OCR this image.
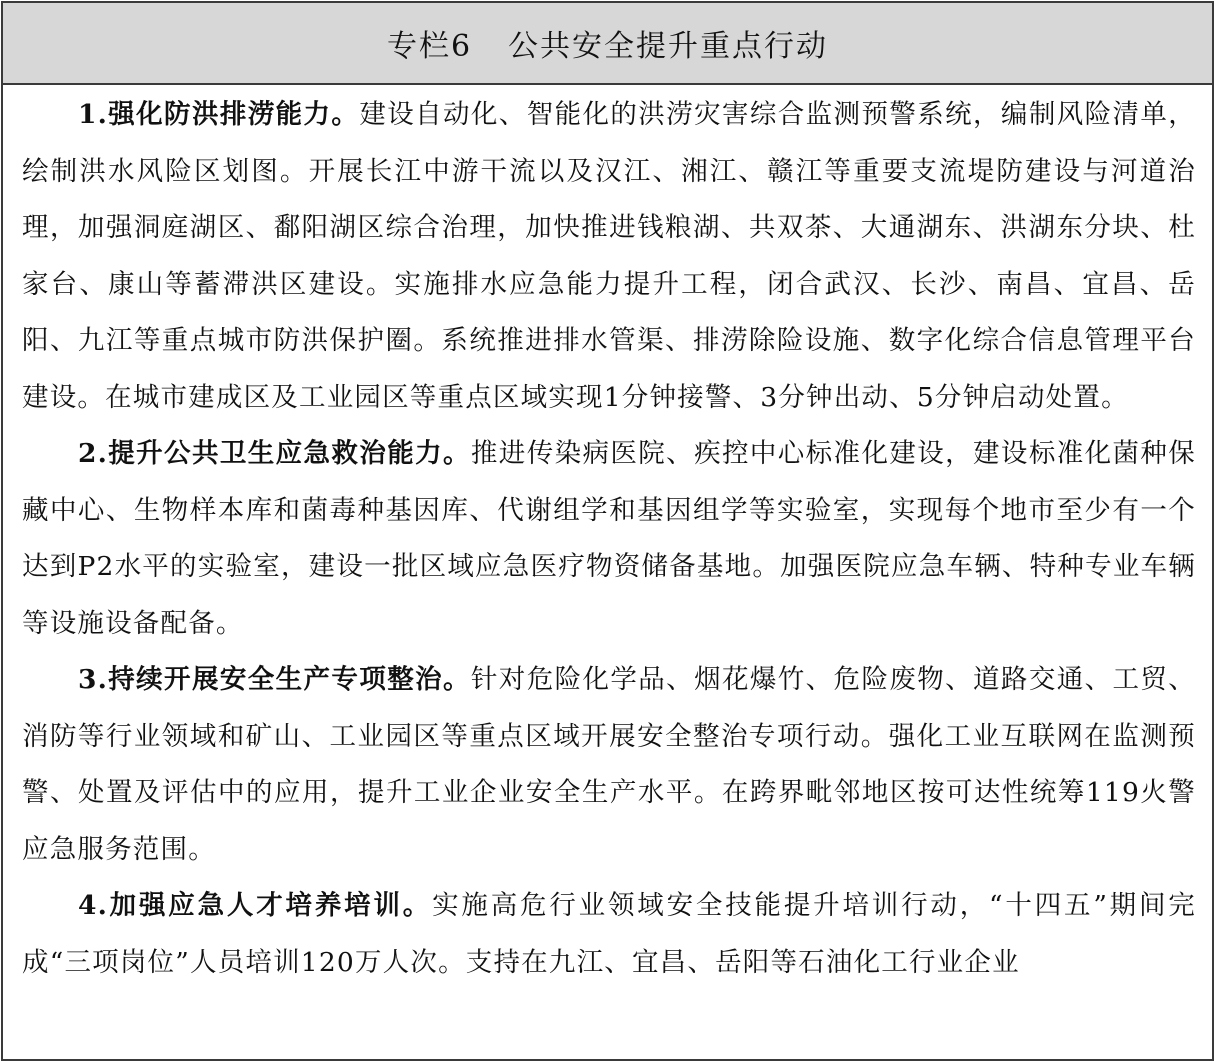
专栏6 公共安全提升重点行动

1.强化防洪排涝能力。建设自动化、智能化的洪涝灾害综合监测预警系统，编制风险清单，绘制洪水风险区划图。开展长江中游干流以及汉江、湘江、赣江等重要支流堤防建设与河道治理，加强洞庭湖区、鄱阳湖区综合治理，加快推进钱粮湖、共双茶、大通湖东、洪湖东分块、杜家台、康山等蓄滞洪区建设。实施排水应急能力提升工程，闭合武汉、长沙、南昌、宜昌、岳阳、九江等重点城市防洪保护圈。系统推进排水管渠、排涝除险设施、数字化综合信息管理平台建设。在城市建成区及工业园区等重点区域实现1分钟接警、3分钟出动、5分钟启动处置。

2.提升公共卫生应急救治能力。推进传染病医院、疾控中心标准化建设，建设标准化菌种保藏中心、生物样本库和菌毒种基因库、代谢组学和基因组学等实验室，实现每个地市至少有一个达到P2水平的实验室，建设一批区域应急医疗物资储备基地。加强医院应急车辆、特种专业车辆等设施设备配备。

3.持续开展安全生产专项整治。针对危险化学品、烟花爆竹、危险废物、道路交通、工贸、消防等行业领域和矿山、工业园区等重点区域开展安全整治专项行动。强化工业互联网在监测预警、处置及评估中的应用，提升工业企业安全生产水平。在跨界毗邻地区按可达性统筹119火警应急服务范围。

4.加强应急人才培养培训。实施高危行业领域安全技能提升培训行动，“十四五”期间完成“三项岗位”人员培训120万人次。支持在九江、宜昌、岳阳等石油化工行业企业
